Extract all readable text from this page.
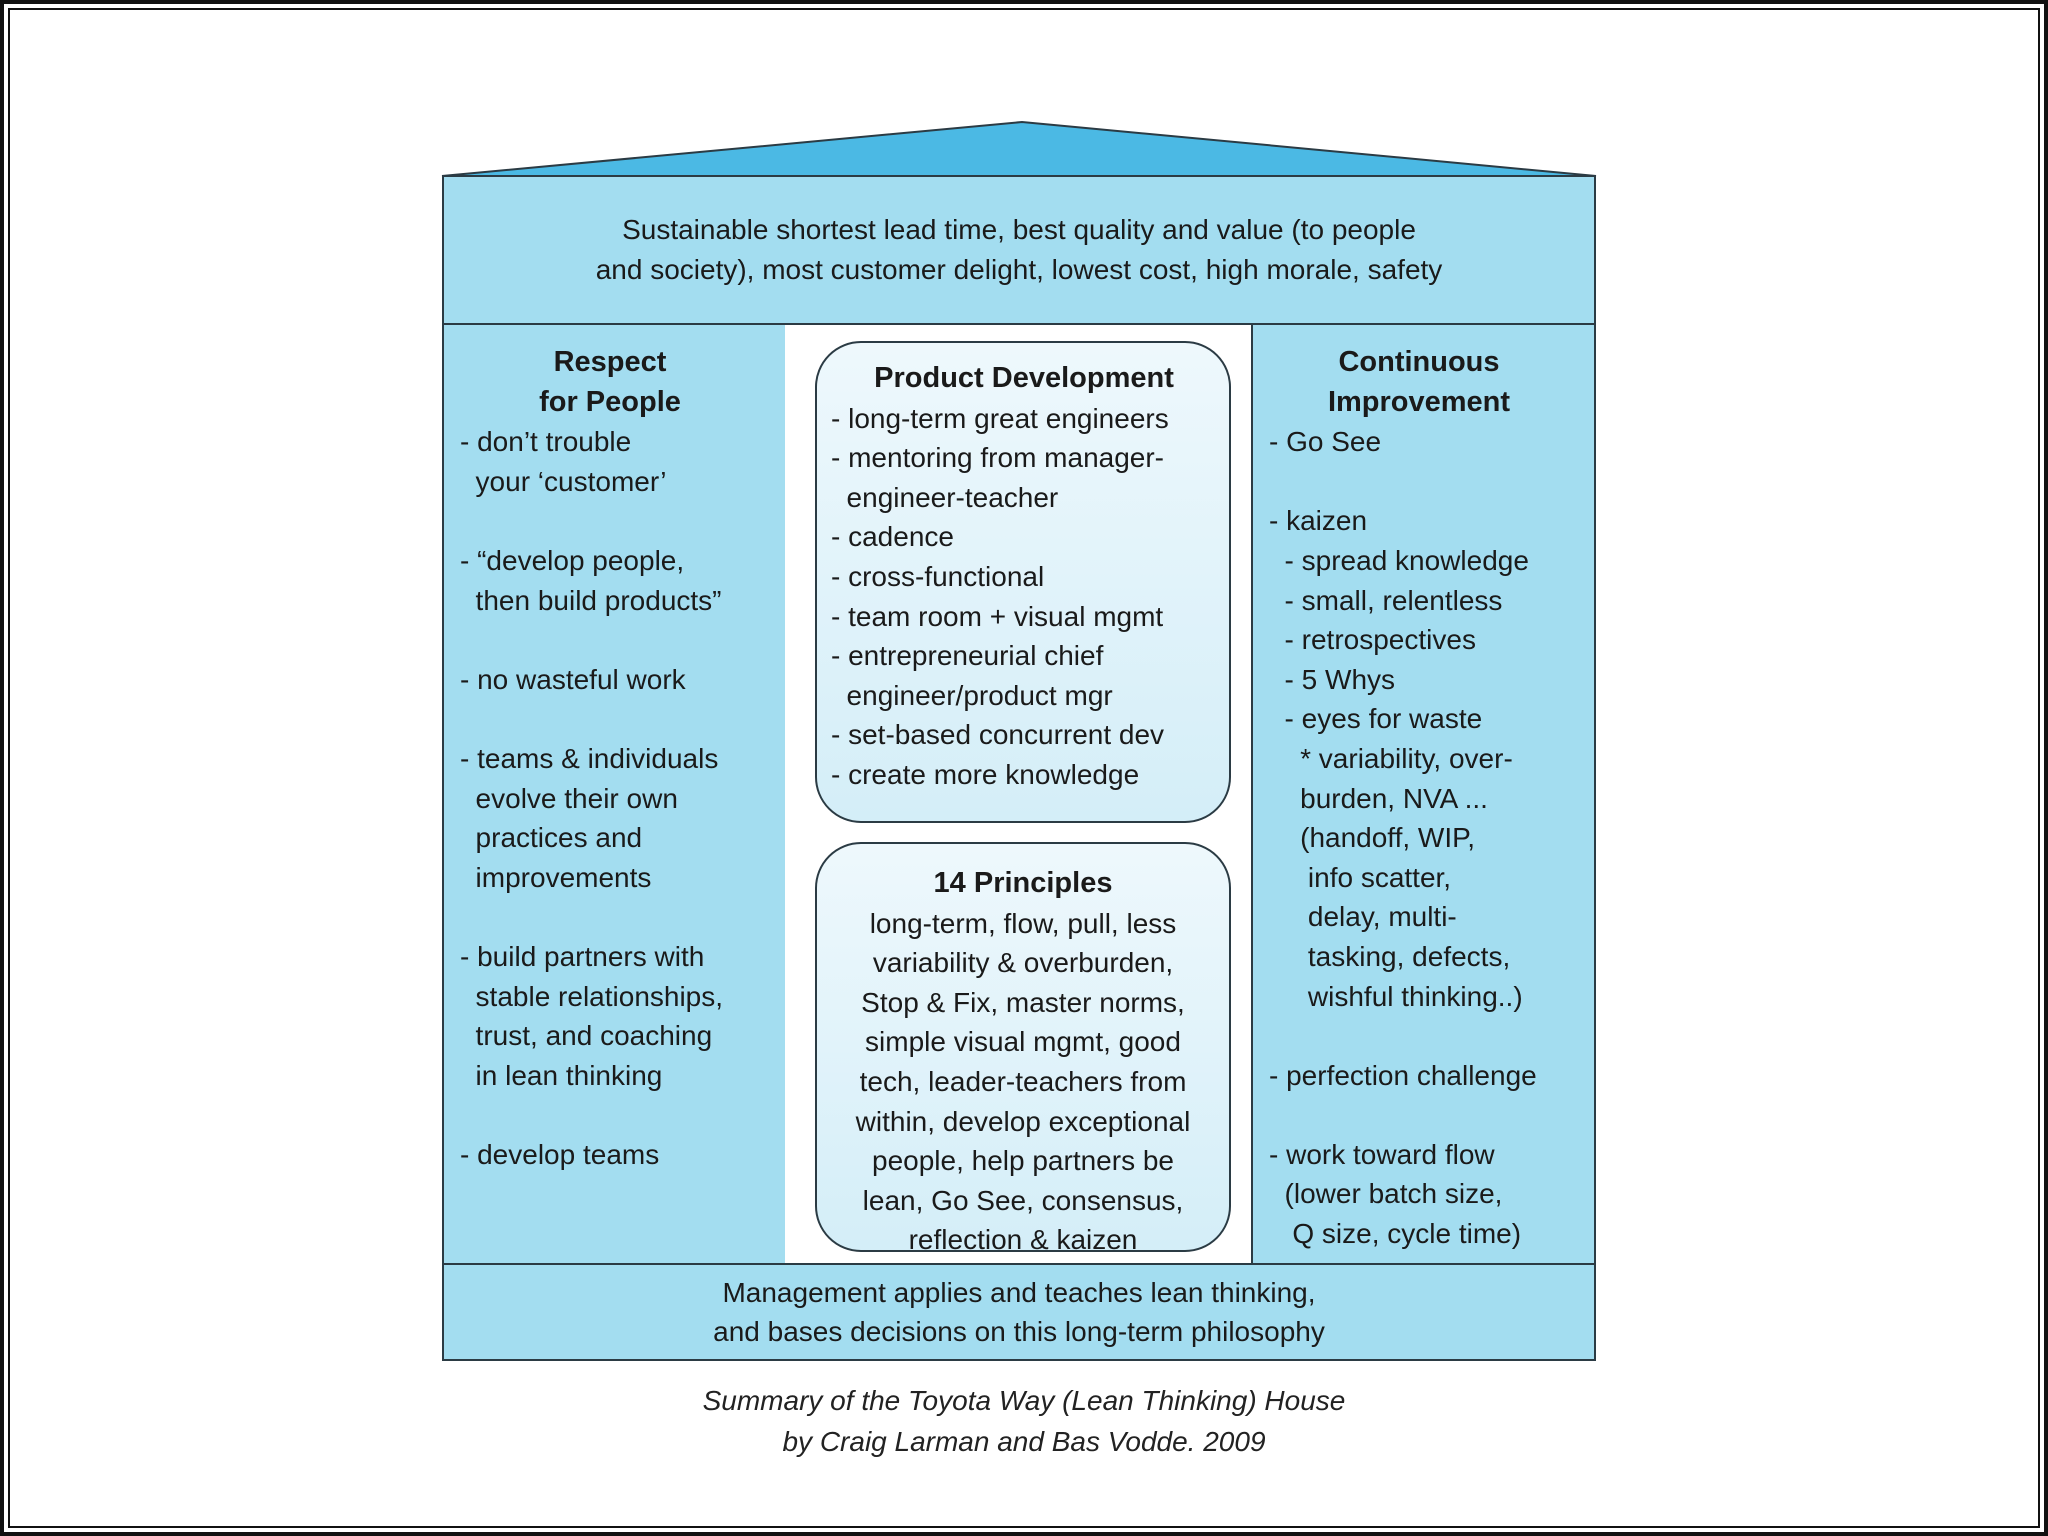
Sustainable shortest lead time, best quality and value (to people
and society), most customer delight, lowest cost, high morale, safety
Respect
for People
- don’t trouble
your ‘customer’
- “develop people,
then build products”
- no wasteful work
- teams & individuals
evolve their own
practices and
improvements
- build partners with
stable relationships,
trust, and coaching
in lean thinking
- develop teams
Product Development
- long-term great engineers
- mentoring from manager-
engineer-teacher
- cadence
- cross-functional
- team room + visual mgmt
- entrepreneurial chief
engineer/product mgr
- set-based concurrent dev
- create more knowledge
14 Principles
long-term, flow, pull, less
variability & overburden,
Stop & Fix, master norms,
simple visual mgmt, good
tech, leader-teachers from
within, develop exceptional
people, help partners be
lean, Go See, consensus,
reflection & kaizen
Continuous
Improvement
- Go See
- kaizen
- spread knowledge
- small, relentless
- retrospectives
- 5 Whys
- eyes for waste
* variability, over-
burden, NVA ...
(handoff, WIP,
info scatter,
delay, multi-
tasking, defects,
wishful thinking..)
- perfection challenge
- work toward flow
(lower batch size,
Q size, cycle time)
Management applies and teaches lean thinking,
and bases decisions on this long-term philosophy
Summary of the Toyota Way (Lean Thinking) House
by Craig Larman and Bas Vodde. 2009
